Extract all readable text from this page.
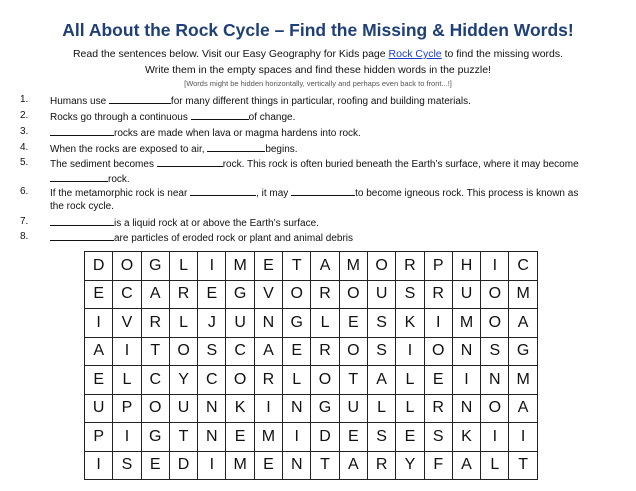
All About the Rock Cycle – Find the Missing & Hidden Words!
Read the sentences below. Visit our Easy Geography for Kids page Rock Cycle to find the missing words.
Write them in the empty spaces and find these hidden words in the puzzle!
[Words might be hidden horizontally, vertically and perhaps even back to front...!]
1.	Humans use	for many different things in particular, roofing and building materials.
2.	Rocks go through a continuous	of change.
3.	rocks are made when lava or magma hardens into rock.
4.	When the rocks are exposed to air,	begins.
5.	The sediment becomes	rock. This rock is often buried beneath the Earth’s surface, where it may become
rock.
6.	If the metamorphic rock is near	, it may	to become igneous rock. This process is known as
the rock cycle.
7.	is a liquid rock at or above the Earth’s surface.
8.	are particles of eroded rock or plant and animal debris
D	O	G	L	I	M	E	T	A	M	O	R	P	H	I	C
E	C	A	R	E	G	V	O	R	O	U	S	R	U	O	M
I	V	R	L	J	U	N	G	L	E	S	K	I	M	O	A
A	I	T	O	S	C	A	E	R	O	S	I	O	N	S	G
E	L	C	Y	C	O	R	L	O	T	A	L	E	I	N	M
U	P	O	U	N	K	I	N	G	U	L	L	R	N	O	A
P	I	G	T	N	E	M	I	D	E	S	E	S	K	I	I
I	S	E	D	I	M	E	N	T	A	R	Y	F	A	L	T
